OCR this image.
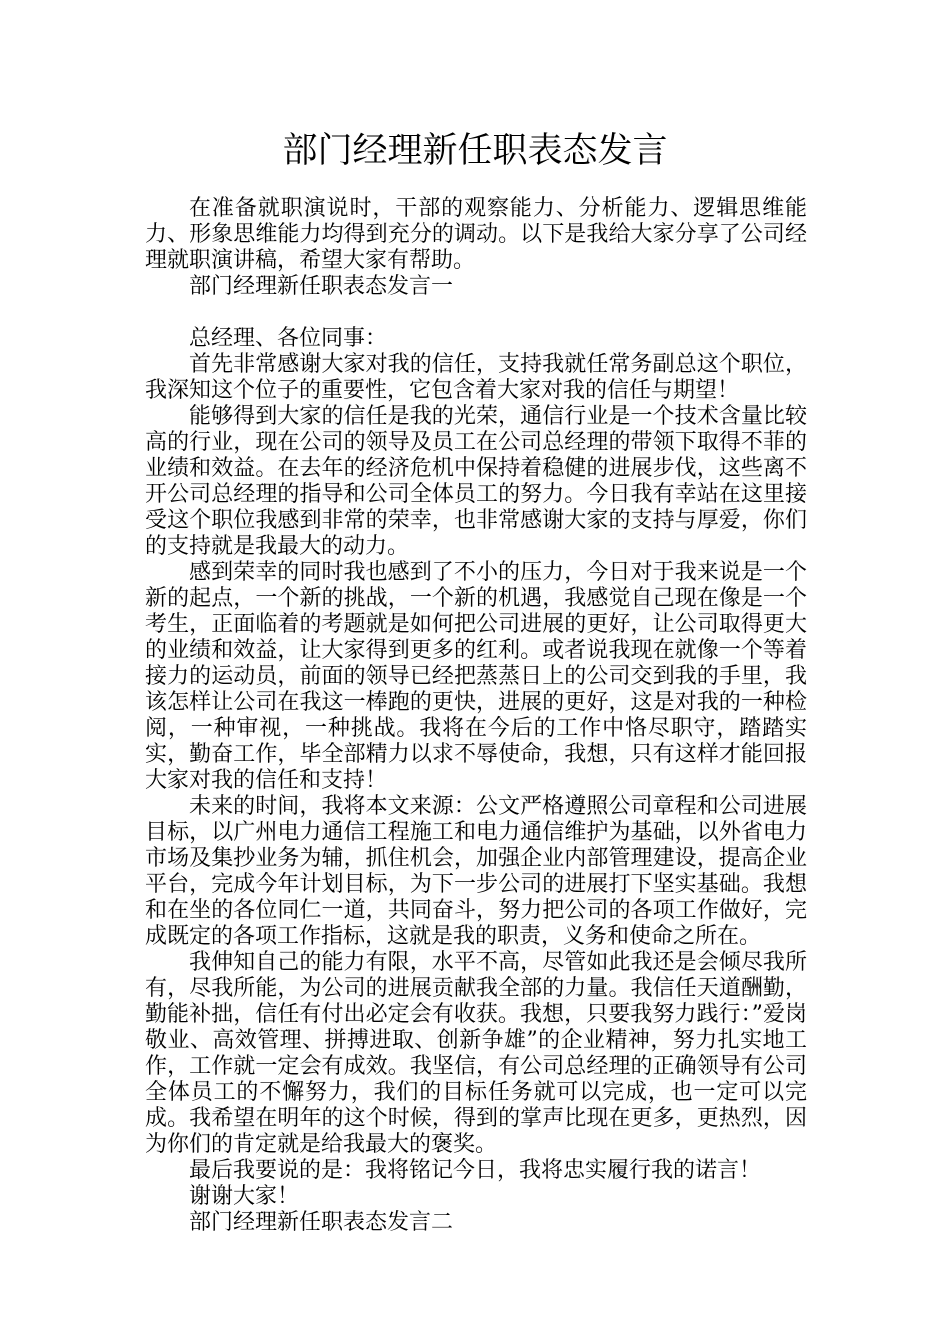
部门经理新任职表态发言

在准备就职演说时，干部的观察能力、分析能力、逻辑思维能力、形象思维能力均得到充分的调动。以下是我给大家分享了公司经理就职演讲稿，希望大家有帮助。

部门经理新任职表态发言一

总经理、各位同事：

首先非常感谢大家对我的信任，支持我就任常务副总这个职位，我深知这个位子的重要性，它包含着大家对我的信任与期望！

能够得到大家的信任是我的光荣，通信行业是一个技术含量比较高的行业，现在公司的领导及员工在公司总经理的带领下取得不菲的业绩和效益。在去年的经济危机中保持着稳健的进展步伐，这些离不开公司总经理的指导和公司全体员工的努力。今日我有幸站在这里接受这个职位我感到非常的荣幸，也非常感谢大家的支持与厚爱，你们的支持就是我最大的动力。

感到荣幸的同时我也感到了不小的压力，今日对于我来说是一个新的起点，一个新的挑战，一个新的机遇，我感觉自己现在像是一个考生，正面临着的考题就是如何把公司进展的更好，让公司取得更大的业绩和效益，让大家得到更多的红利。或者说我现在就像一个等着接力的运动员，前面的领导已经把蒸蒸日上的公司交到我的手里，我该怎样让公司在我这一棒跑的更快，进展的更好，这是对我的一种检阅，一种审视，一种挑战。我将在今后的工作中恪尽职守，踏踏实实，勤奋工作，毕全部精力以求不辱使命，我想，只有这样才能回报大家对我的信任和支持！

未来的时间，我将本文来源：公文严格遵照公司章程和公司进展目标，以广州电力通信工程施工和电力通信维护为基础，以外省电力市场及集抄业务为辅，抓住机会，加强企业内部管理建设，提高企业平台，完成今年计划目标，为下一步公司的进展打下坚实基础。我想和在坐的各位同仁一道，共同奋斗，努力把公司的各项工作做好，完成既定的各项工作指标，这就是我的职责，义务和使命之所在。

我伸知自己的能力有限，水平不高，尽管如此我还是会倾尽我所有，尽我所能，为公司的进展贡献我全部的力量。我信任天道酬勤，勤能补拙，信任有付出必定会有收获。我想，只要我努力践行：”爱岗敬业、高效管理、拼搏进取、创新争雄”的企业精神，努力扎实地工作，工作就一定会有成效。我坚信，有公司总经理的正确领导有公司全体员工的不懈努力，我们的目标任务就可以完成，也一定可以完成。我希望在明年的这个时候，得到的掌声比现在更多，更热烈，因为你们的肯定就是给我最大的褒奖。

最后我要说的是：我将铭记今日，我将忠实履行我的诺言！

谢谢大家！

部门经理新任职表态发言二
